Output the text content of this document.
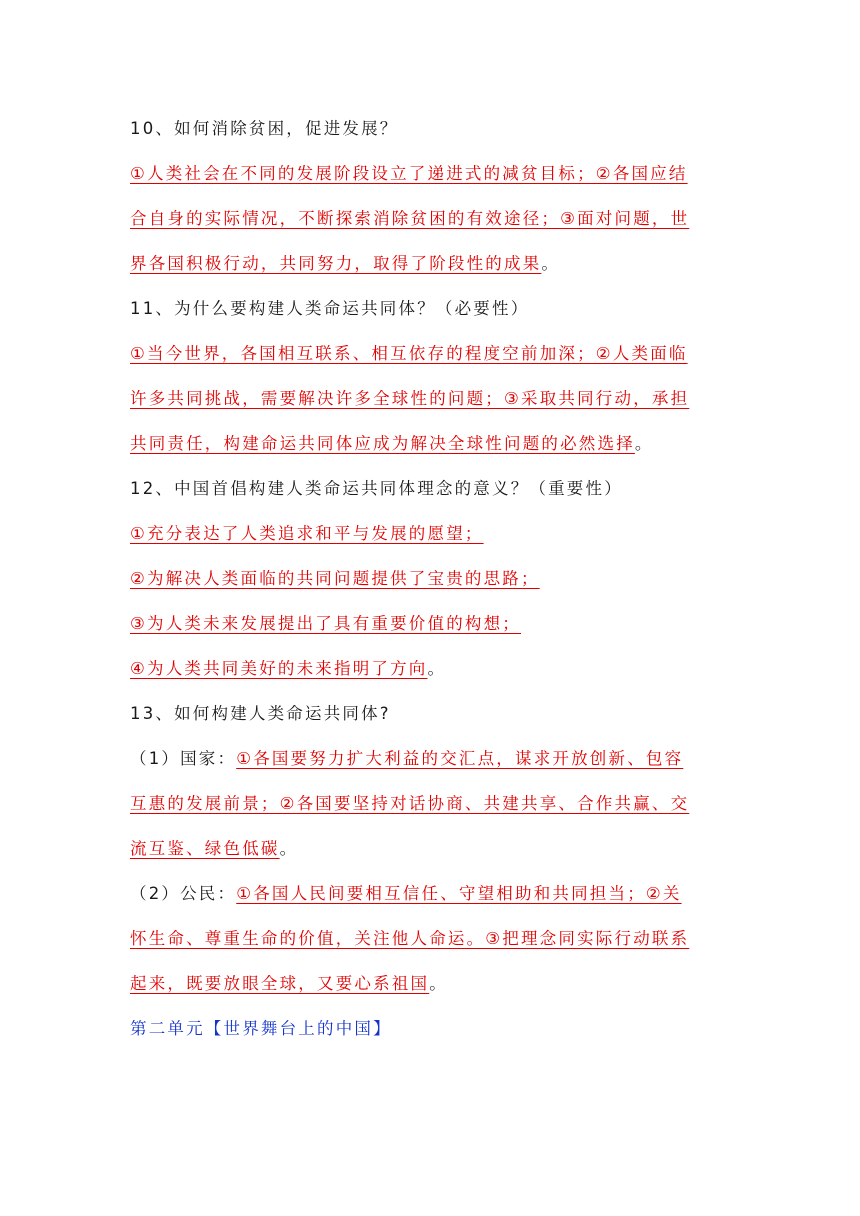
10、如何消除贫困，促进发展？
①人类社会在不同的发展阶段设立了递进式的减贫目标；②各国应结
合自身的实际情况，不断探索消除贫困的有效途径；③面对问题，世
界各国积极行动，共同努力，取得了阶段性的成果。
11、为什么要构建人类命运共同体？（必要性）
①当今世界，各国相互联系、相互依存的程度空前加深；②人类面临
许多共同挑战，需要解决许多全球性的问题；③采取共同行动，承担
共同责任，构建命运共同体应成为解决全球性问题的必然选择。
12、中国首倡构建人类命运共同体理念的意义？（重要性）
①充分表达了人类追求和平与发展的愿望；
②为解决人类面临的共同问题提供了宝贵的思路；
③为人类未来发展提出了具有重要价值的构想；
④为人类共同美好的未来指明了方向。
13、如何构建人类命运共同体?
（1）国家：①各国要努力扩大利益的交汇点，谋求开放创新、包容
互惠的发展前景；②各国要坚持对话协商、共建共享、合作共赢、交
流互鉴、绿色低碳。
（2）公民：①各国人民间要相互信任、守望相助和共同担当；②关
怀生命、尊重生命的价值，关注他人命运。③把理念同实际行动联系
起来，既要放眼全球，又要心系祖国。
第二单元【世界舞台上的中国】
